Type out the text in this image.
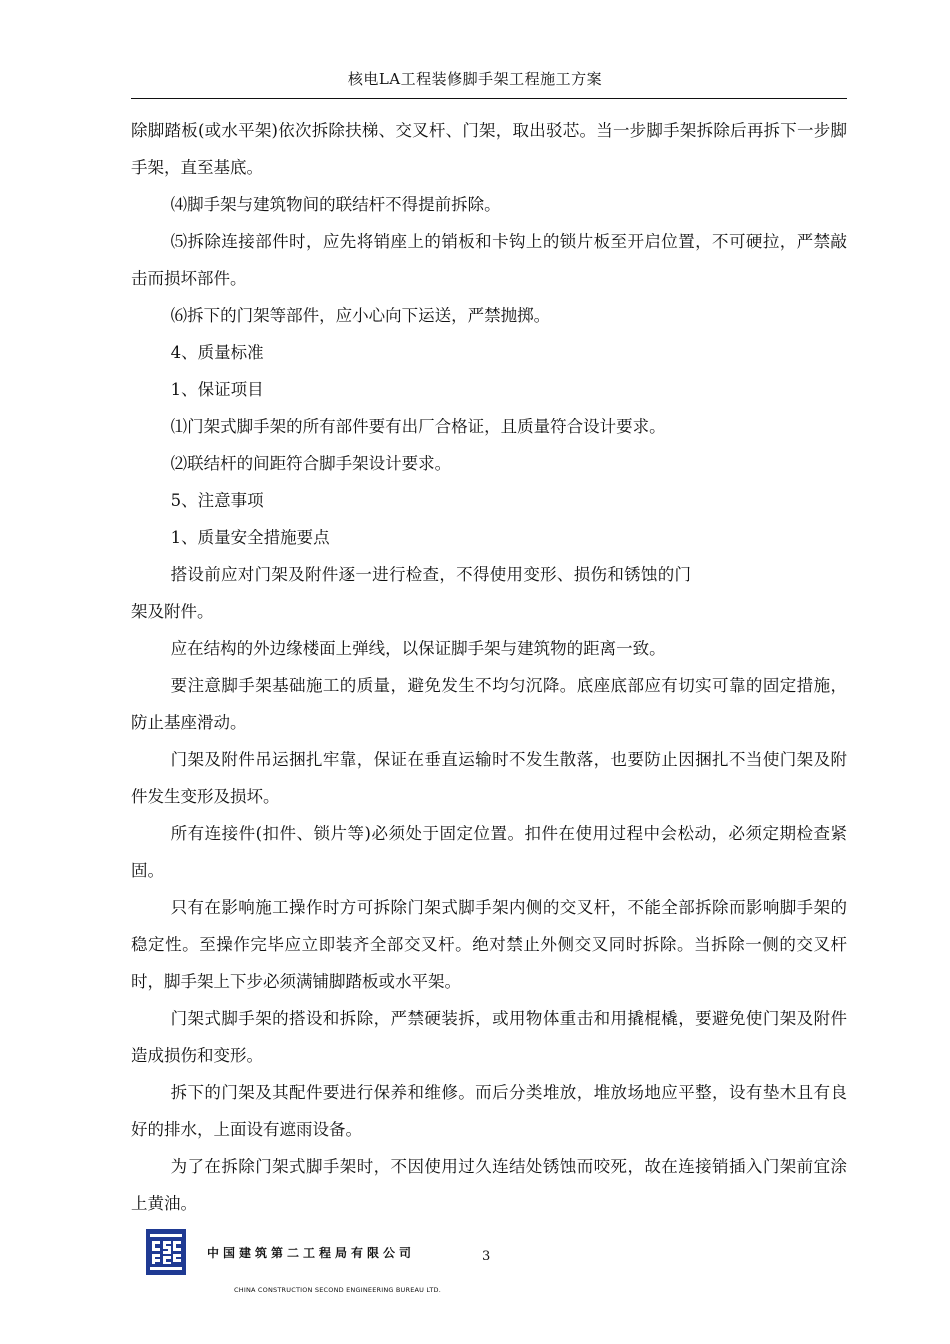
核电LA工程装修脚手架工程施工方案

除脚踏板(或水平架)依次拆除扶梯、交叉杆、门架，取出驳芯。当一步脚手架拆除后再拆下一步脚手架，直至基底。

⑷脚手架与建筑物间的联结杆不得提前拆除。

⑸拆除连接部件时，应先将销座上的销板和卡钩上的锁片板至开启位置，不可硬拉，严禁敲击而损坏部件。

⑹拆下的门架等部件，应小心向下运送，严禁抛掷。

4、质量标准

1、保证项目

⑴门架式脚手架的所有部件要有出厂合格证，且质量符合设计要求。

⑵联结杆的间距符合脚手架设计要求。

5、注意事项

1、质量安全措施要点

搭设前应对门架及附件逐一进行检查，不得使用变形、损伤和锈蚀的门架及附件。

应在结构的外边缘楼面上弹线，以保证脚手架与建筑物的距离一致。

要注意脚手架基础施工的质量，避免发生不均匀沉降。底座底部应有切实可靠的固定措施，防止基座滑动。

门架及附件吊运捆扎牢靠，保证在垂直运输时不发生散落，也要防止因捆扎不当使门架及附件发生变形及损坏。

所有连接件(扣件、锁片等)必须处于固定位置。扣件在使用过程中会松动，必须定期检查紧固。

只有在影响施工操作时方可拆除门架式脚手架内侧的交叉杆，不能全部拆除而影响脚手架的稳定性。至操作完毕应立即装齐全部交叉杆。绝对禁止外侧交叉同时拆除。当拆除一侧的交叉杆时，脚手架上下步必须满铺脚踏板或水平架。

门架式脚手架的搭设和拆除，严禁硬装拆，或用物体重击和用撬棍橇，要避免使门架及附件造成损伤和变形。

拆下的门架及其配件要进行保养和维修。而后分类堆放，堆放场地应平整，设有垫木且有良好的排水，上面设有遮雨设备。

为了在拆除门架式脚手架时，不因使用过久连结处锈蚀而咬死，故在连接销插入门架前宜涂上黄油。

中国建筑第二工程局有限公司	3
CHINA CONSTRUCTION SECOND ENGINEERING BUREAU LTD.
